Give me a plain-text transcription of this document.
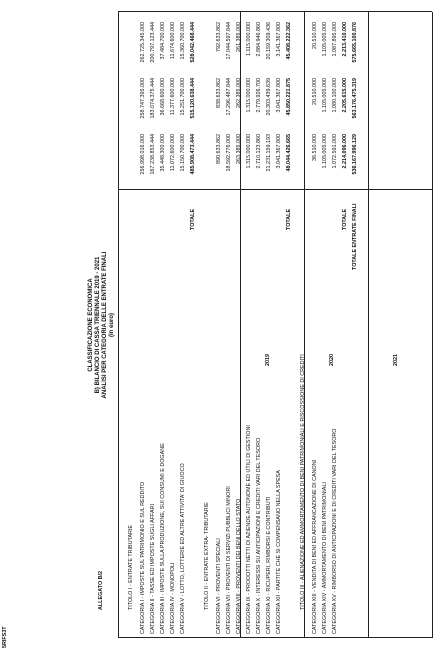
5RIFS3T
CLASSIFICAZIONE ECONOMICA B) BILANCIO DI CASSA TRIENNALE 2019 - 2021 ANALISI PER CATEGORIA DELLE ENTRATE FINALI (in euro)
ALLEGATO B/2
2019	2020	2021
TITOLO I - ENTRATE TRIBUTARIE CATEGORIA I - IMPOSTE SUL PATRIMONIO E SUL REDDITO
256.998.016.000
258.747.395.000
262.725.345.000
CATEGORIA II - TASSE ED IMPOSTE SUGLI AFFARI
167.238.853.444
183.074.375.444
200.797.123.444
CATEGORIA III - IMPOSTE SULLA PRODUZIONE, SUI CONSUMI E DOGANE
35.448.300.000
36.668.600.000
37.484.700.000
CATEGORIA IV - MONOPOLI
11.072.600.000
11.377.600.000
11.674.600.000
CATEGORIA V - LOTTO, LOTTERIE ED ALTRE ATTIVITA' DI GIUOCO
15.150.700.000
15.251.700.000
15.360.700.000
TOTALE
485.908.473.444
515.120.638.444
528.042.468.444
TITOLO II - ENTRATE EXTRA- TRIBUTARIE CATEGORIA VI - PROVENTI SPECIALI
890.633.862
838.633.862
792.633.862
CATEGORIA VII - PROVENTI DI SERVIZI PUBBLICI MINORI
18.592.776.000
17.296.487.844
17.044.597.844
CATEGORIA VIII - PROVENTI DEI BENI DELLO STATO
263.385.000
262.385.000
261.385.000
CATEGORIA IX - PRODOTTI NETTI DI AZIENDE AUTONOME ED UTILI DI GESTIONI
1.315.000.000
1.315.000.000
1.115.000.000
CATEGORIA X - INTERESSI SU ANTICIPAZIONI E CREDITI VARI DEL TESORO
2.710.123.860
2.779.926.700
2.884.946.860
CATEGORIA XI - RICUPERI, RIMBORSI E CONTRIBUTI
21.231.159.193
20.303.439.639
20.159.309.436
CATEGORIA XII - PARTITE CHE SI COMPENSANO NELLA SPESA
3.041.367.800
3.041.367.800
3.141.367.800
TOTALE
48.044.426.665
45.850.221.875
45.408.222.362
TITOLO III - ALIENAZIONE ED AMMORTAMENTO DI BENI PATRIMONIALI E RISCOSSIONE DI CREDITI CATEGORIA XIII - VENDITA DI BENI ED AFFRANCAZIONE DI CANONI
36.510.000
20.510.000
20.510.000
CATEGORIA XIV - AMMORTAMENTO DI BENI PATRIMONIALI
1.105.005.000
1.105.005.000
1.105.005.000
CATEGORIA XV - RIMBORSO DI ANTICIPAZIONI E DI CREDITI VARI DEL TESORO
1.072.591.000
1.080.100.000
1.087.895.000
TOTALE
2.214.096.000
2.205.615.000
2.213.410.000
TOTALE ENTRATE FINALI
536.167.996.129
563.176.475.319
575.665.100.876
